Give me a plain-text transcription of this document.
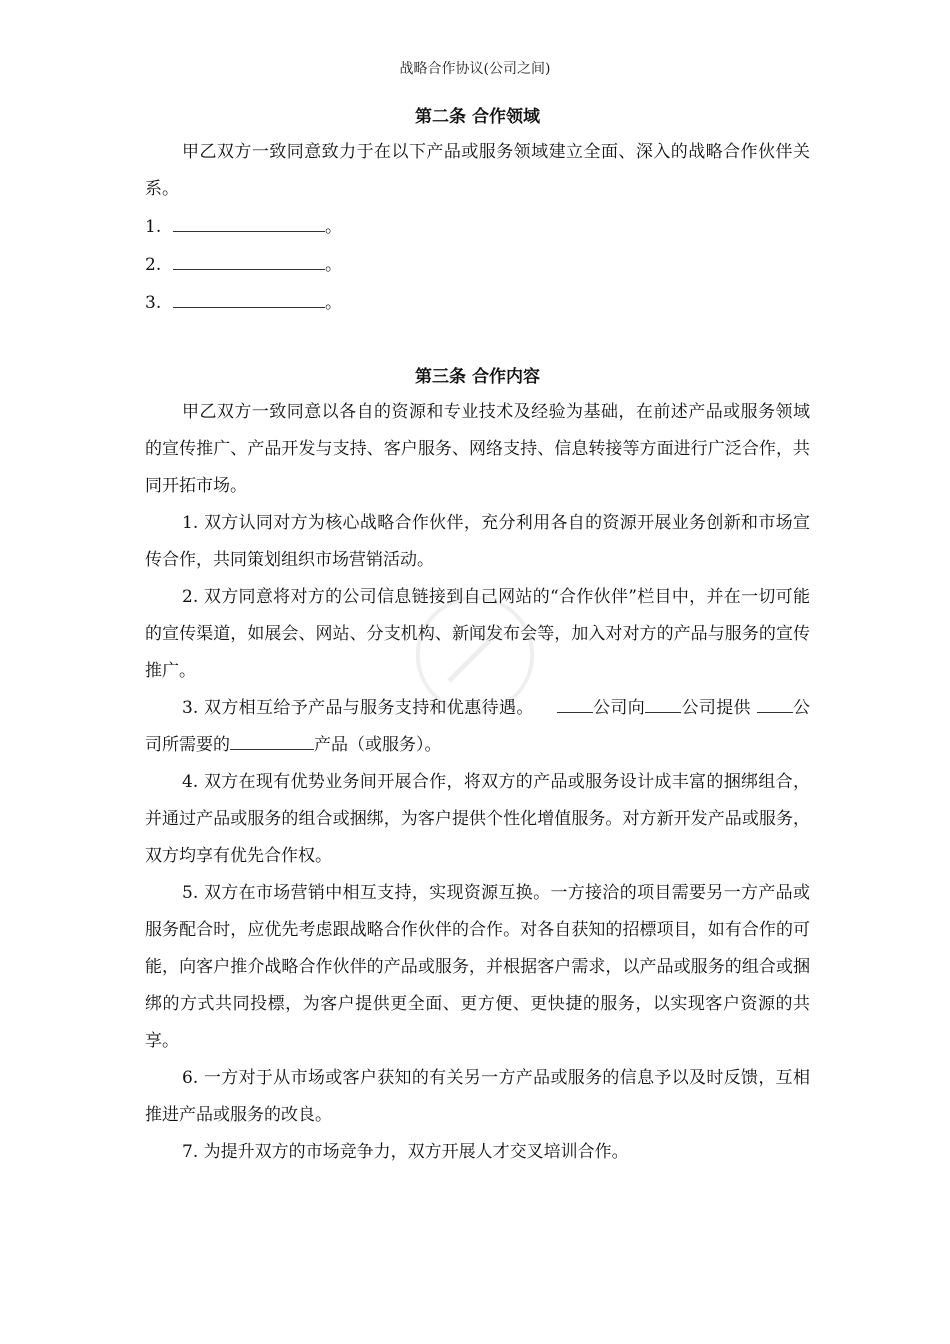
战略合作协议(公司之间)

第二条 合作领域

甲乙双方一致同意致力于在以下产品或服务领域建立全面、深入的战略合作伙伴关系。

1.	。

2.	。

3.	。

第三条 合作内容

甲乙双方一致同意以各自的资源和专业技术及经验为基础，在前述产品或服务领域的宣传推广、产品开发与支持、客户服务、网络支持、信息转接等方面进行广泛合作，共同开拓市场。

1. 双方认同对方为核心战略合作伙伴，充分利用各自的资源开展业务创新和市场宣传合作，共同策划组织市场营销活动。

2. 双方同意将对方的公司信息链接到自己网站的“合作伙伴”栏目中，并在一切可能的宣传渠道，如展会、网站、分支机构、新闻发布会等，加入对对方的产品与服务的宣传推广。

3. 双方相互给予产品与服务支持和优惠待遇。	公司向 公司提供 公司所需要的	产品（或服务）。

4. 双方在现有优势业务间开展合作，将双方的产品或服务设计成丰富的捆绑组合，并通过产品或服务的组合或捆绑，为客户提供个性化增值服务。对方新开发产品或服务，双方均享有优先合作权。

5. 双方在市场营销中相互支持，实现资源互换。一方接洽的项目需要另一方产品或服务配合时，应优先考虑跟战略合作伙伴的合作。对各自获知的招標项目，如有合作的可能，向客户推介战略合作伙伴的产品或服务，并根据客户需求，以产品或服务的组合或捆绑的方式共同投標，为客户提供更全面、更方便、更快捷的服务，以实现客户资源的共享。

6. 一方对于从市场或客户获知的有关另一方产品或服务的信息予以及时反馈，互相推进产品或服务的改良。

7. 为提升双方的市场竞争力，双方开展人才交叉培训合作。
